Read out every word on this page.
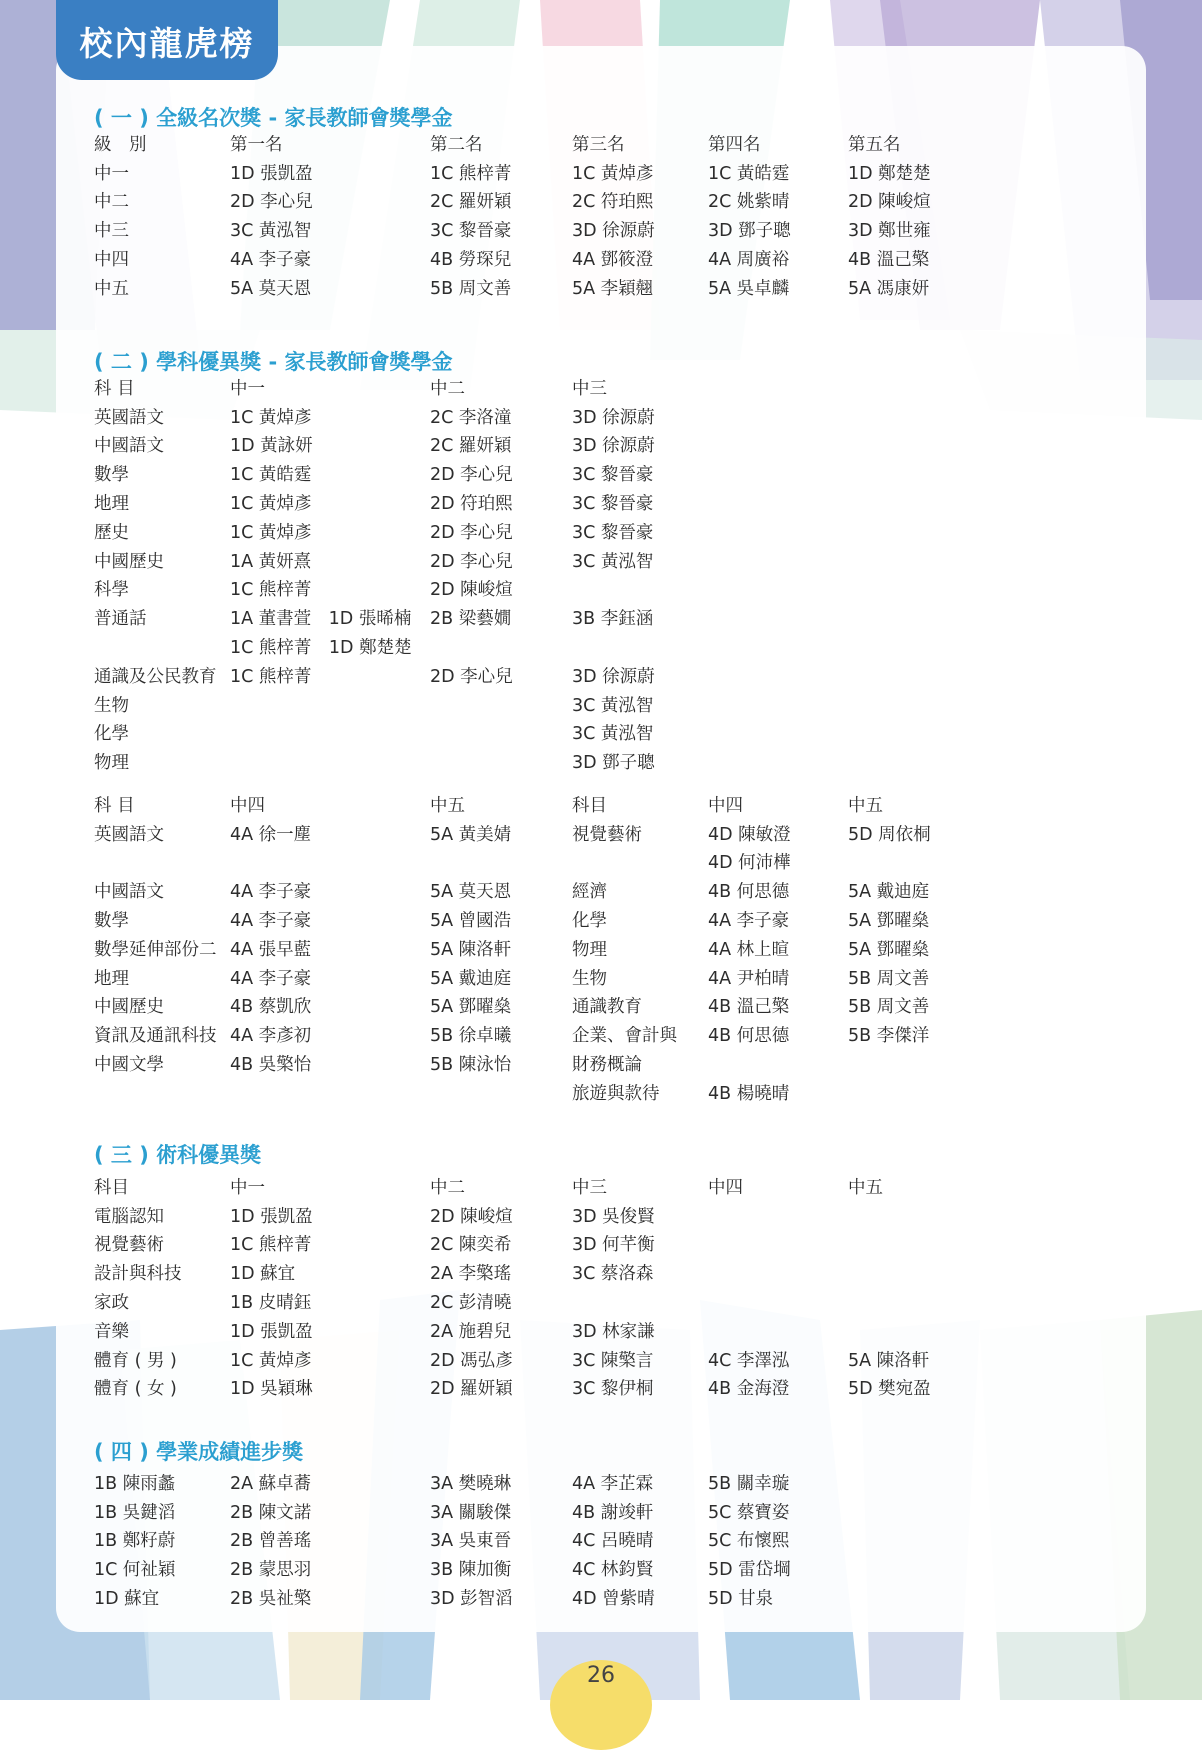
校內龍虎榜
( 一 ) 全級名次獎 - 家長教師會獎學金
級　別	第一名	第二名	第三名	第四名	第五名
中一	1D 張凱盈	1C 熊梓菁	1C 黃焯彥	1C 黃皓霆	1D 鄭楚楚
中二	2D 李心兒	2C 羅妍穎	2C 符珀熙	2C 姚紫晴	2D 陳峻煊
中三	3C 黃泓智	3C 黎晉豪	3D 徐源蔚	3D 鄧子聰	3D 鄭世雍
中四	4A 李子豪	4B 勞琛兒	4A 鄧筱澄	4A 周廣裕	4B 溫己檠
中五	5A 莫天恩	5B 周文善	5A 李穎翹	5A 吳卓麟	5A 馮康妍
( 二 ) 學科優異獎 - 家長教師會獎學金
科 目	中一	中二	中三		
英國語文	1C 黃焯彥	2C 李洛潼	3D 徐源蔚		
中國語文	1D 黃詠妍	2C 羅妍穎	3D 徐源蔚		
數學	1C 黃皓霆	2D 李心兒	3C 黎晉豪		
地理	1C 黃焯彥	2D 符珀熙	3C 黎晉豪		
歷史	1C 黃焯彥	2D 李心兒	3C 黎晉豪		
中國歷史	1A 黃妍熹	2D 李心兒	3C 黃泓智		
科學	1C 熊梓菁	2D 陳峻煊			
普通話	1A 董書萱　1D 張晞楠	2B 梁藝嫺	3B 李鈺涵		
	1C 熊梓菁　1D 鄭楚楚				
通識及公民教育	1C 熊梓菁	2D 李心兒	3D 徐源蔚		
生物			3C 黃泓智		
化學			3C 黃泓智		
物理			3D 鄧子聰		
科 目	中四	中五	科目	中四	中五
英國語文	4A 徐一塵	5A 黃美婧	視覺藝術	4D 陳敏澄	5D 周依桐
				4D 何沛樺	
中國語文	4A 李子豪	5A 莫天恩	經濟	4B 何思德	5A 戴迪庭
數學	4A 李子豪	5A 曾國浩	化學	4A 李子豪	5A 鄧曜燊
數學延伸部份二	4A 張早藍	5A 陳洛軒	物理	4A 林上暄	5A 鄧曜燊
地理	4A 李子豪	5A 戴迪庭	生物	4A 尹柏晴	5B 周文善
中國歷史	4B 蔡凱欣	5A 鄧曜燊	通識教育	4B 溫己檠	5B 周文善
資訊及通訊科技	4A 李彥初	5B 徐卓曦	企業、會計與	4B 何思德	5B 李傑洋
中國文學	4B 吳檠怡	5B 陳泳怡	財務概論		
			旅遊與款待	4B 楊曉晴	
( 三 ) 術科優異獎
科目	中一	中二	中三	中四	中五
電腦認知	1D 張凱盈	2D 陳峻煊	3D 吳俊賢		
視覺藝術	1C 熊梓菁	2C 陳奕希	3D 何芊衡		
設計與科技	1D 蘇宜	2A 李檠瑤	3C 蔡洛森		
家政	1B 皮晴鈺	2C 彭清曉			
音樂	1D 張凱盈	2A 施碧兒	3D 林家謙		
體育 ( 男 )	1C 黃焯彥	2D 馮弘彥	3C 陳檠言	4C 李澤泓	5A 陳洛軒
體育 ( 女 )	1D 吳穎琳	2D 羅妍穎	3C 黎伊桐	4B 金海澄	5D 樊宛盈
( 四 ) 學業成績進步獎
1B 陳雨蠡	2A 蘇卓蕎	3A 樊曉琳	4A 李芷霖	5B 關幸璇	
1B 吳鍵滔	2B 陳文諾	3A 關駿傑	4B 謝竣軒	5C 蔡寶姿	
1B 鄭籽蔚	2B 曾善瑤	3A 吳東晉	4C 呂曉晴	5C 布懷熙	
1C 何祉穎	2B 蒙思羽	3B 陳加衡	4C 林鈞賢	5D 雷岱堈	
1D 蘇宜	2B 吳祉檠	3D 彭智滔	4D 曾紫晴	5D 甘泉	
26
